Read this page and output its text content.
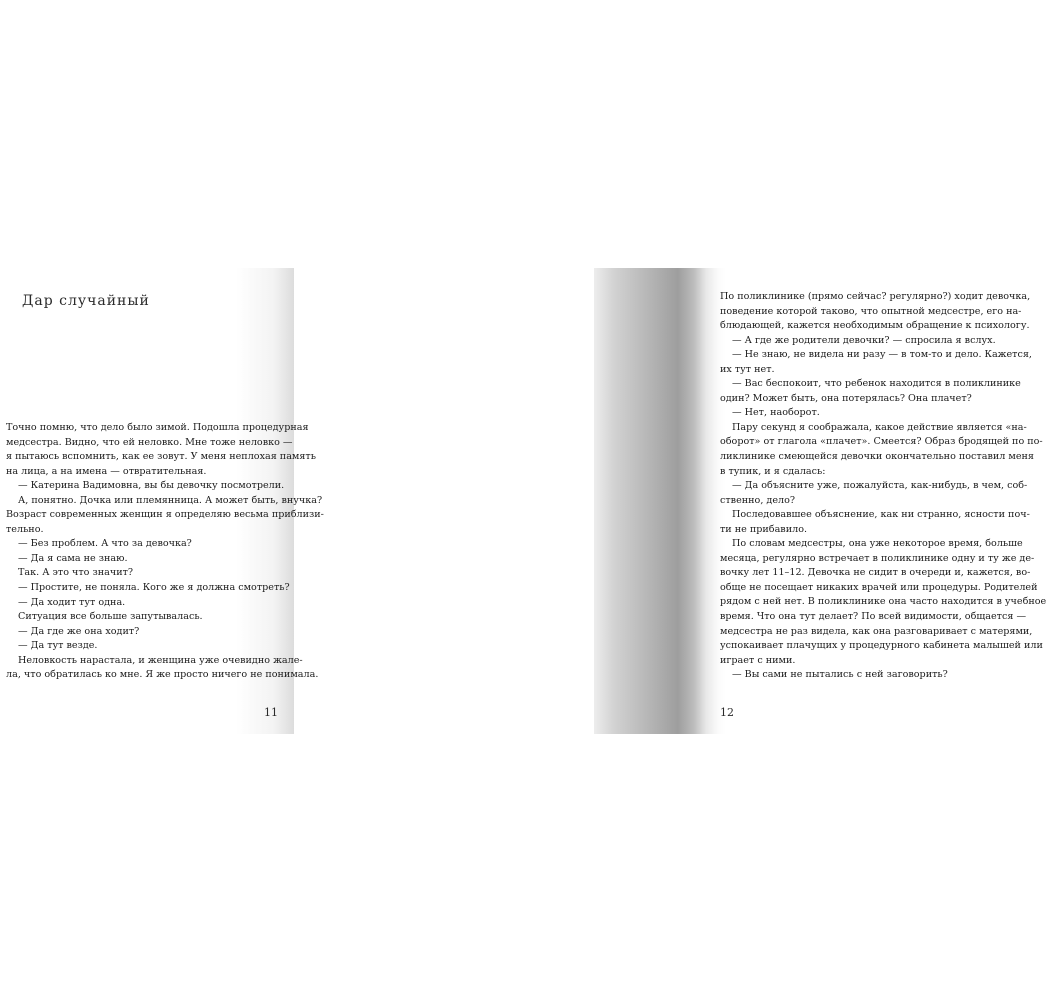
Дар случайный
Точно помню, что дело было зимой. Подошла процедурная
медсестра. Видно, что ей неловко. Мне тоже неловко —
я пытаюсь вспомнить, как ее зовут. У меня неплохая память
на лица, а на имена — отвратительная.
— Катерина Вадимовна, вы бы девочку посмотрели.
А, понятно. Дочка или племянница. А может быть, внучка?
Возраст современных женщин я определяю весьма приблизи-
тельно.
— Без проблем. А что за девочка?
— Да я сама не знаю.
Так. А это что значит?
— Простите, не поняла. Кого же я должна смотреть?
— Да ходит тут одна.
Ситуация все больше запутывалась.
— Да где же она ходит?
— Да тут везде.
Неловкость нарастала, и женщина уже очевидно жале-
ла, что обратилась ко мне. Я же просто ничего не понимала.
По поликлинике (прямо сейчас? регулярно?) ходит девочка,
поведение которой таково, что опытной медсестре, его на-
блюдающей, кажется необходимым обращение к психологу.
— А где же родители девочки? — спросила я вслух.
— Не знаю, не видела ни разу — в том-то и дело. Кажется,
их тут нет.
— Вас беспокоит, что ребенок находится в поликлинике
один? Может быть, она потерялась? Она плачет?
— Нет, наоборот.
Пару секунд я соображала, какое действие является «на-
оборот» от глагола «плачет». Смеется? Образ бродящей по по-
ликлинике смеющейся девочки окончательно поставил меня
в тупик, и я сдалась:
— Да объясните уже, пожалуйста, как-нибудь, в чем, соб-
ственно, дело?
Последовавшее объяснение, как ни странно, ясности поч-
ти не прибавило.
По словам медсестры, она уже некоторое время, больше
месяца, регулярно встречает в поликлинике одну и ту же де-
вочку лет 11–12. Девочка не сидит в очереди и, кажется, во-
обще не посещает никаких врачей или процедуры. Родителей
рядом с ней нет. В поликлинике она часто находится в учебное
время. Что она тут делает? По всей видимости, общается —
медсестра не раз видела, как она разговаривает с матерями,
успокаивает плачущих у процедурного кабинета малышей или
играет с ними.
— Вы сами не пытались с ней заговорить?
11	12
